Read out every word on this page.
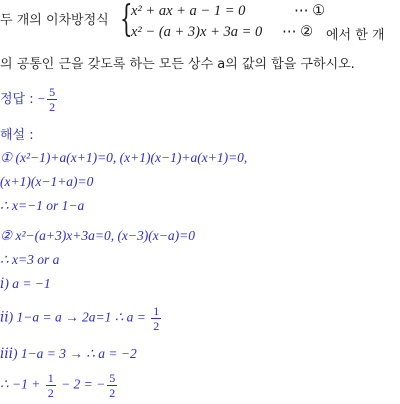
두 개의 이차방정식 {
x² + ax + a − 1 = 0	⋯ ①
x² − (a + 3)x + 3a = 0 ⋯ ② 에서 한 개
의 공통인 근을 갖도록 하는 모든 상수 a의 값의 합을 구하시오.
정답 : − $\frac{5}{2}$
해설 :
① (x²−1)+a(x+1)=0, (x+1)(x−1)+a(x+1)=0,
(x+1)(x−1+a)=0
∴ x=−1 or 1−a
② x²−(a+3)x+3a=0, (x−3)(x−a)=0
∴ x=3 or a
ⅰ) a = −1
ⅱ) 1−a = a → 2a=1 ∴ $a = \frac{1}{2}$
ⅲ) 1−a = 3 → ∴ a = −2
∴ $-1 + \frac{1}{2} - 2$ = − $\frac{5}{2}$
